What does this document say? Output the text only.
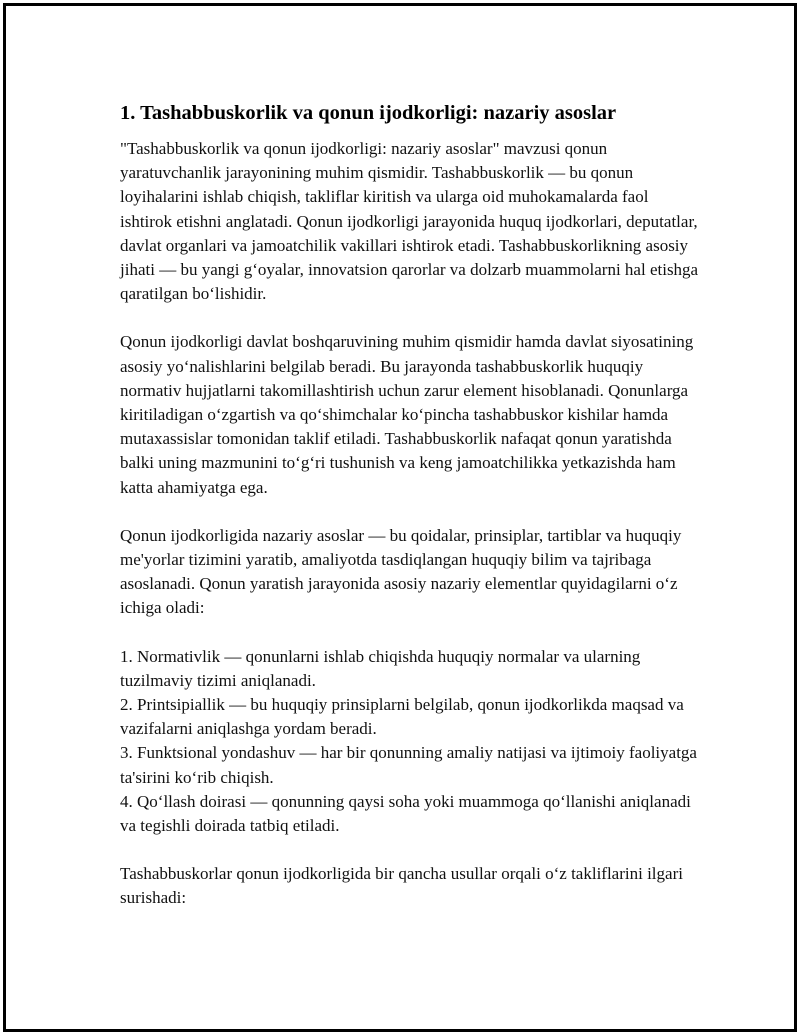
1. Tashabbuskorlik va qonun ijodkorligi: nazariy asoslar

"Tashabbuskorlik va qonun ijodkorligi: nazariy asoslar" mavzusi qonun yaratuvchanlik jarayonining muhim qismidir. Tashabbuskorlik — bu qonun loyihalarini ishlab chiqish, takliflar kiritish va ularga oid muhokamalarda faol ishtirok etishni anglatadi. Qonun ijodkorligi jarayonida huquq ijodkorlari, deputatlar, davlat organlari va jamoatchilik vakillari ishtirok etadi. Tashabbuskorlikning asosiy jihati — bu yangi g‘oyalar, innovatsion qarorlar va dolzarb muammolarni hal etishga qaratilgan bo‘lishidir.

Qonun ijodkorligi davlat boshqaruvining muhim qismidir hamda davlat siyosatining asosiy yo‘nalishlarini belgilab beradi. Bu jarayonda tashabbuskorlik huquqiy normativ hujjatlarni takomillashtirish uchun zarur element hisoblanadi. Qonunlarga kiritiladigan o‘zgartish va qo‘shimchalar ko‘pincha tashabbuskor kishilar hamda mutaxassislar tomonidan taklif etiladi. Tashabbuskorlik nafaqat qonun yaratishda balki uning mazmunini to‘g‘ri tushunish va keng jamoatchilikka yetkazishda ham katta ahamiyatga ega.

Qonun ijodkorligida nazariy asoslar — bu qoidalar, prinsiplar, tartiblar va huquqiy me'yorlar tizimini yaratib, amaliyotda tasdiqlangan huquqiy bilim va tajribaga asoslanadi. Qonun yaratish jarayonida asosiy nazariy elementlar quyidagilarni o‘z ichiga oladi:

1. Normativlik — qonunlarni ishlab chiqishda huquqiy normalar va ularning tuzilmaviy tizimi aniqlanadi.
2. Printsipiallik — bu huquqiy prinsiplarni belgilab, qonun ijodkorlikda maqsad va vazifalarni aniqlashga yordam beradi.
3. Funktsional yondashuv — har bir qonunning amaliy natijasi va ijtimoiy faoliyatga ta'sirini ko‘rib chiqish.
4. Qo‘llash doirasi — qonunning qaysi soha yoki muammoga qo‘llanishi aniqlanadi va tegishli doirada tatbiq etiladi.

Tashabbuskorlar qonun ijodkorligida bir qancha usullar orqali o‘z takliflarini ilgari surishadi:
